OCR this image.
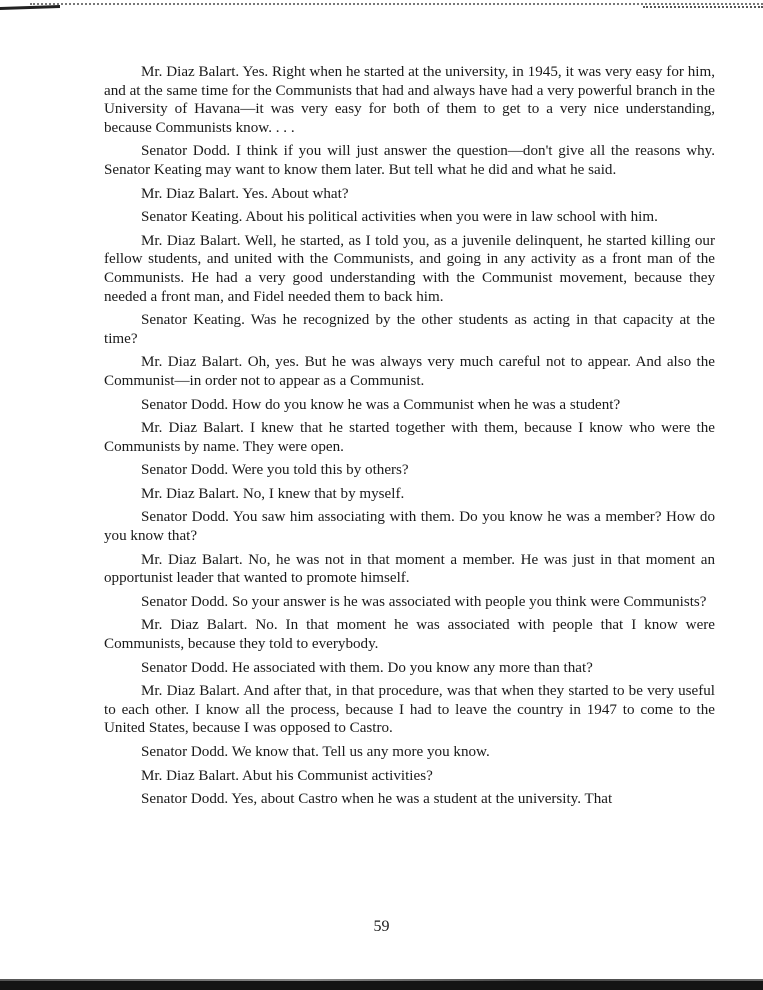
Mr. Diaz Balart. Yes. Right when he started at the university, in 1945, it was very easy for him, and at the same time for the Communists that had and always have had a very powerful branch in the University of Havana—it was very easy for both of them to get to a very nice understanding, because Communists know. . . .

Senator Dodd. I think if you will just answer the question—don't give all the reasons why. Senator Keating may want to know them later. But tell what he did and what he said.

Mr. Diaz Balart. Yes. About what?

Senator Keating. About his political activities when you were in law school with him.

Mr. Diaz Balart. Well, he started, as I told you, as a juvenile delinquent, he started killing our fellow students, and united with the Communists, and going in any activity as a front man of the Communists. He had a very good understanding with the Communist movement, because they needed a front man, and Fidel needed them to back him.

Senator Keating. Was he recognized by the other students as acting in that capacity at the time?

Mr. Diaz Balart. Oh, yes. But he was always very much careful not to appear. And also the Communist—in order not to appear as a Communist.

Senator Dodd. How do you know he was a Communist when he was a student?

Mr. Diaz Balart. I knew that he started together with them, because I know who were the Communists by name. They were open.

Senator Dodd. Were you told this by others?

Mr. Diaz Balart. No, I knew that by myself.

Senator Dodd. You saw him associating with them. Do you know he was a member? How do you know that?

Mr. Diaz Balart. No, he was not in that moment a member. He was just in that moment an opportunist leader that wanted to promote himself.

Senator Dodd. So your answer is he was associated with people you think were Communists?

Mr. Diaz Balart. No. In that moment he was associated with people that I know were Communists, because they told to everybody.

Senator Dodd. He associated with them. Do you know any more than that?

Mr. Diaz Balart. And after that, in that procedure, was that when they started to be very useful to each other. I know all the process, because I had to leave the country in 1947 to come to the United States, because I was opposed to Castro.

Senator Dodd. We know that. Tell us any more you know.

Mr. Diaz Balart. Abut his Communist activities?

Senator Dodd. Yes, about Castro when he was a student at the university. That

59
